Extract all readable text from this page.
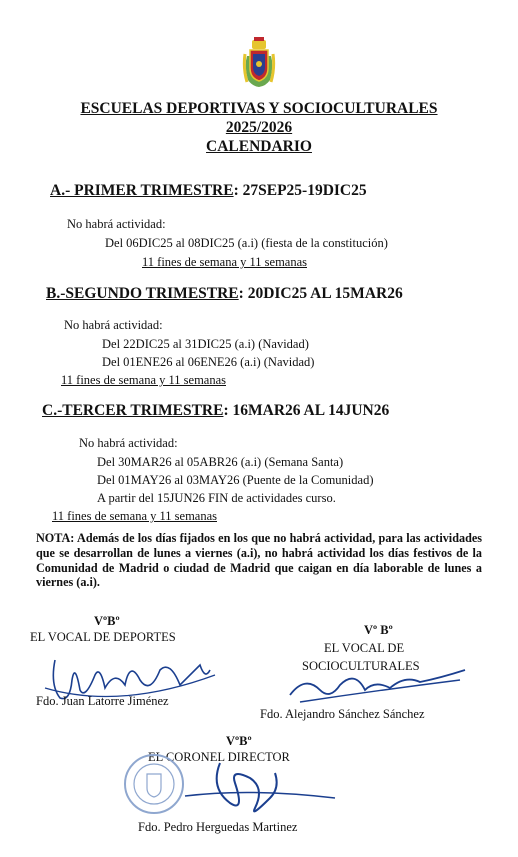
ESCUELAS DEPORTIVAS Y SOCIOCULTURALES
2025/2026
CALENDARIO
A.- PRIMER TRIMESTRE: 27SEP25-19DIC25
No habrá actividad:
Del 06DIC25 al 08DIC25 (a.i) (fiesta de la constitución)
11 fines de semana y 11 semanas
B.-SEGUNDO TRIMESTRE: 20DIC25 AL 15MAR26
No habrá actividad:
Del 22DIC25 al 31DIC25 (a.i) (Navidad)
Del 01ENE26 al 06ENE26 (a.i) (Navidad)
11 fines de semana y 11 semanas
C.-TERCER TRIMESTRE: 16MAR26 AL 14JUN26
No habrá actividad:
Del 30MAR26 al 05ABR26 (a.i) (Semana Santa)
Del 01MAY26 al 03MAY26 (Puente de la Comunidad)
A partir del 15JUN26 FIN de actividades curso.
11 fines de semana y 11 semanas
NOTA: Además de los días fijados en los que no habrá actividad, para las actividades que se desarrollan de lunes a viernes (a.i), no habrá actividad los días festivos de la Comunidad de Madrid o ciudad de Madrid que caigan en día laborable de lunes a viernes (a.i).
VºBº
EL VOCAL DE DEPORTES
Fdo. Juan Latorre Jiménez
Vº Bº
EL VOCAL DE
SOCIOCULTURALES
Fdo. Alejandro Sánchez Sánchez
VºBº
EL CORONEL DIRECTOR
Fdo. Pedro Herguedas Martinez
